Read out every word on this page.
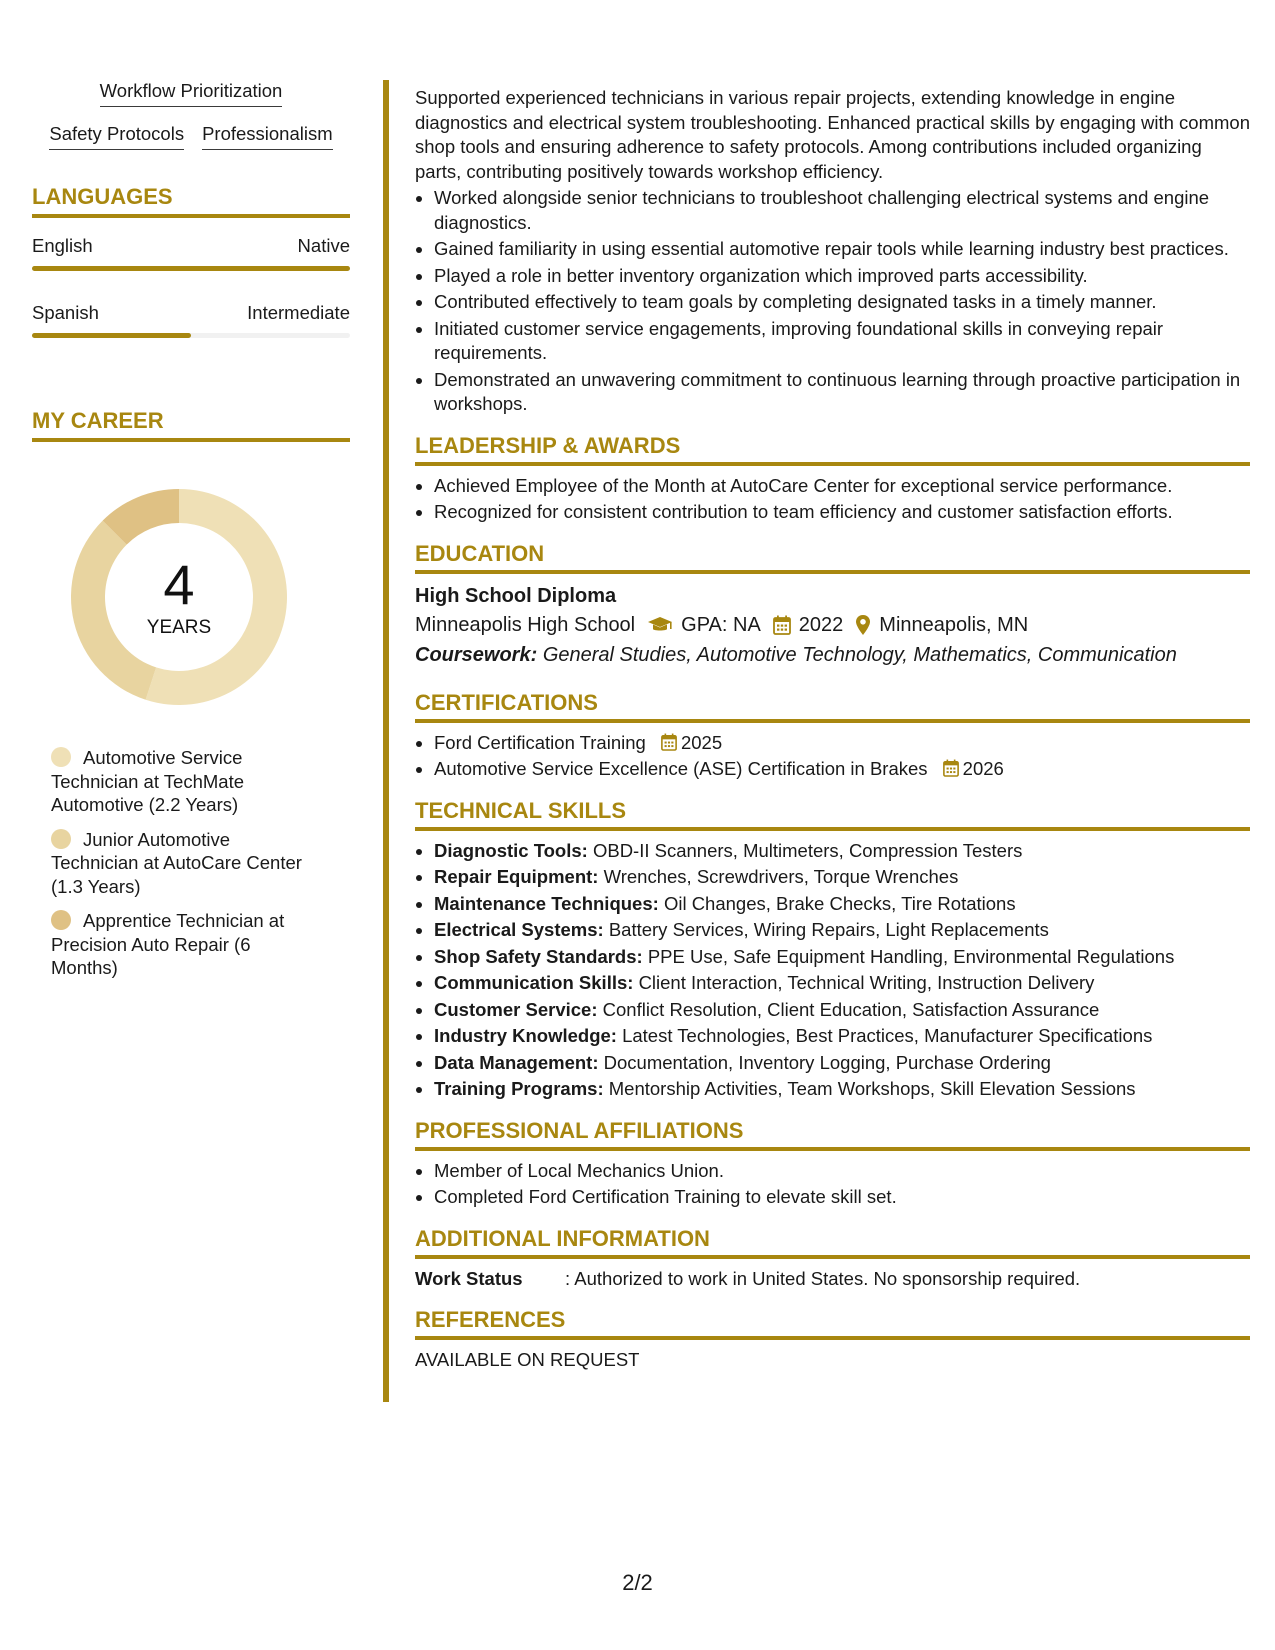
Workflow Prioritization
Safety Protocols Professionalism
LANGUAGES
English	Native
Spanish	Intermediate
MY CAREER
4
YEARS
Automotive Service Technician at TechMate Automotive (2.2 Years)
Junior Automotive Technician at AutoCare Center (1.3 Years)
Apprentice Technician at Precision Auto Repair (6 Months)

Supported experienced technicians in various repair projects, extending knowledge in engine diagnostics and electrical system troubleshooting. Enhanced practical skills by engaging with common shop tools and ensuring adherence to safety protocols. Among contributions included organizing parts, contributing positively towards workshop efficiency.

• Worked alongside senior technicians to troubleshoot challenging electrical systems and engine diagnostics.
• Gained familiarity in using essential automotive repair tools while learning industry best practices.
• Played a role in better inventory organization which improved parts accessibility.
• Contributed effectively to team goals by completing designated tasks in a timely manner.
• Initiated customer service engagements, improving foundational skills in conveying repair requirements.
• Demonstrated an unwavering commitment to continuous learning through proactive participation in workshops.
LEADERSHIP & AWARDS
• Achieved Employee of the Month at AutoCare Center for exceptional service performance.
• Recognized for consistent contribution to team efficiency and customer satisfaction efforts.
EDUCATION
High School Diploma
Minneapolis High School GPA: NA 2022 Minneapolis, MN
Coursework: General Studies, Automotive Technology, Mathematics, Communication
CERTIFICATIONS
• Ford Certification Training 2025
• Automotive Service Excellence (ASE) Certification in Brakes 2026
TECHNICAL SKILLS
• Diagnostic Tools: OBD-II Scanners, Multimeters, Compression Testers
• Repair Equipment: Wrenches, Screwdrivers, Torque Wrenches
• Maintenance Techniques: Oil Changes, Brake Checks, Tire Rotations
• Electrical Systems: Battery Services, Wiring Repairs, Light Replacements
• Shop Safety Standards: PPE Use, Safe Equipment Handling, Environmental Regulations
• Communication Skills: Client Interaction, Technical Writing, Instruction Delivery
• Customer Service: Conflict Resolution, Client Education, Satisfaction Assurance
• Industry Knowledge: Latest Technologies, Best Practices, Manufacturer Specifications
• Data Management: Documentation, Inventory Logging, Purchase Ordering
• Training Programs: Mentorship Activities, Team Workshops, Skill Elevation Sessions
PROFESSIONAL AFFILIATIONS
• Member of Local Mechanics Union.
• Completed Ford Certification Training to elevate skill set.
ADDITIONAL INFORMATION
Work Status : Authorized to work in United States. No sponsorship required.
REFERENCES
AVAILABLE ON REQUEST
2/2
